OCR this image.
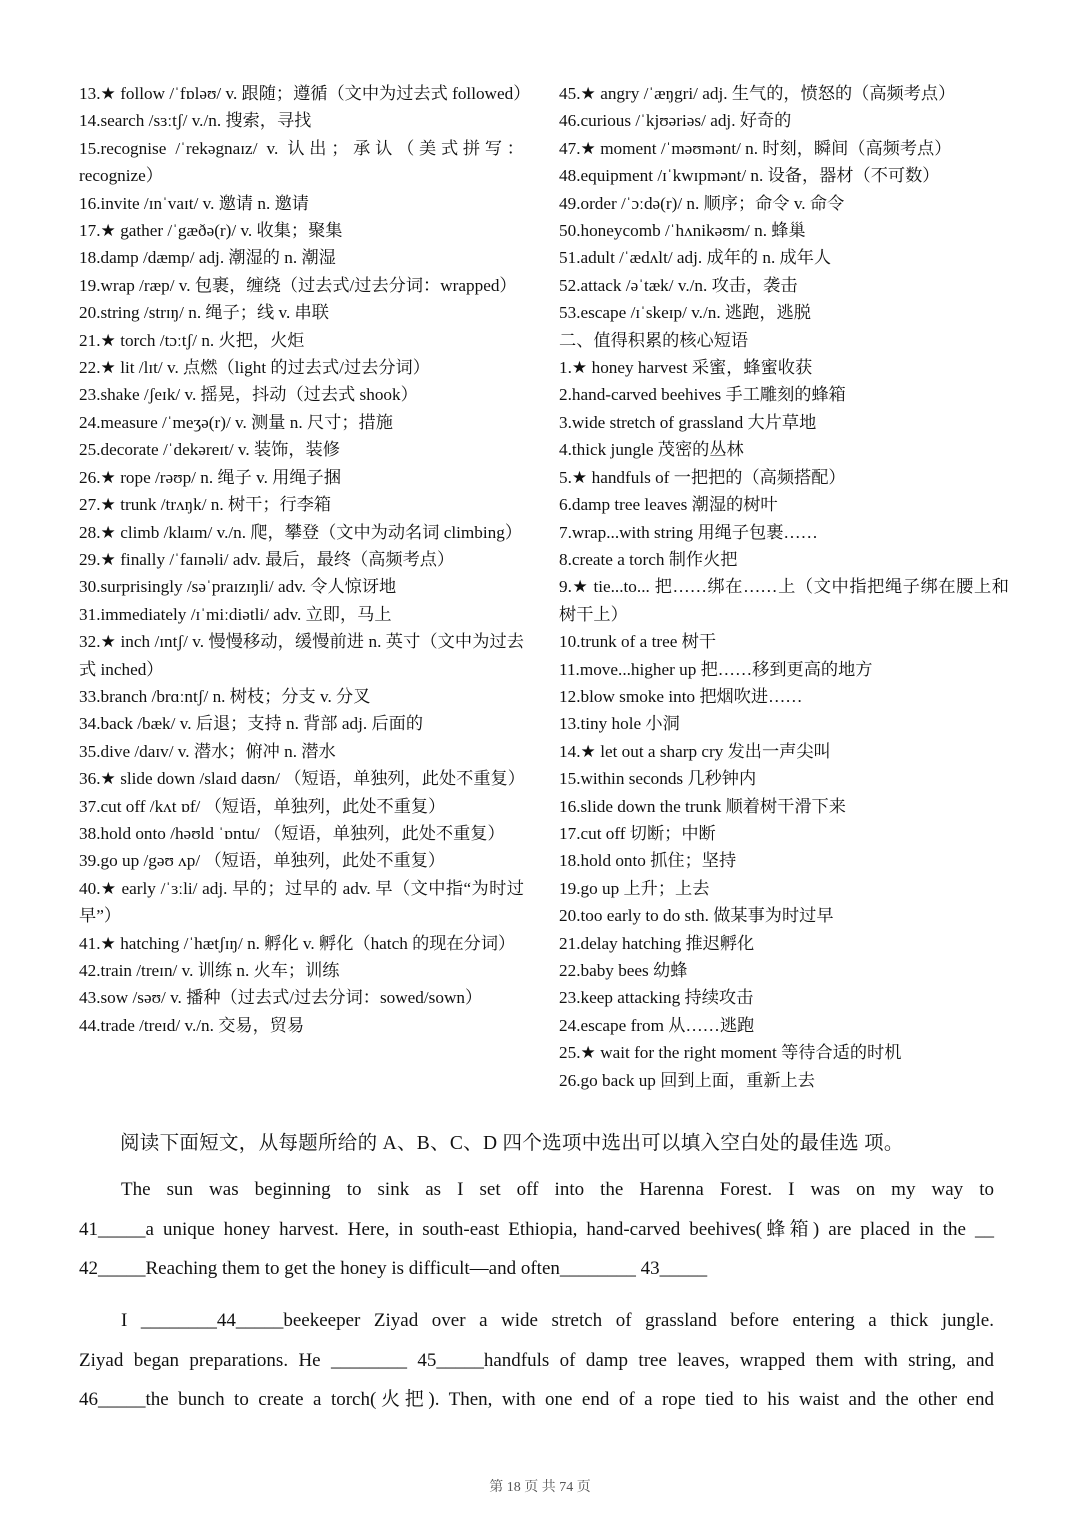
13.★ follow /ˈfɒləʊ/ v. 跟随；遵循（文中为过去式 followed）
14.search /sɜːtʃ/ v./n. 搜索，寻找
15.recognise /ˈrekəgnaɪz/ v. 认出；承认（美式拼写：recognize）
16.invite /ɪnˈvaɪt/ v. 邀请 n. 邀请
17.★ gather /ˈgæðə(r)/ v. 收集；聚集
18.damp /dæmp/ adj. 潮湿的 n. 潮湿
19.wrap /ræp/ v. 包裹，缠绕（过去式/过去分词：wrapped）
20.string /strɪŋ/ n. 绳子；线 v. 串联
21.★ torch /tɔːtʃ/ n. 火把，火炬
22.★ lit /lɪt/ v. 点燃（light 的过去式/过去分词）
23.shake /ʃeɪk/ v. 摇晃，抖动（过去式 shook）
24.measure /ˈmeʒə(r)/ v. 测量 n. 尺寸；措施
25.decorate /ˈdekəreɪt/ v. 装饰，装修
26.★ rope /rəʊp/ n. 绳子 v. 用绳子捆
27.★ trunk /trʌŋk/ n. 树干；行李箱
28.★ climb /klaɪm/ v./n. 爬，攀登（文中为动名词 climbing）
29.★ finally /ˈfaɪnəli/ adv. 最后，最终（高频考点）
30.surprisingly /səˈpraɪzɪŋli/ adv. 令人惊讶地
31.immediately /ɪˈmiːdiətli/ adv. 立即，马上
32.★ inch /ɪntʃ/ v. 慢慢移动，缓慢前进 n. 英寸（文中为过去式 inched）
33.branch /brɑːntʃ/ n. 树枝；分支 v. 分叉
34.back /bæk/ v. 后退；支持 n. 背部 adj. 后面的
35.dive /daɪv/ v. 潜水；俯冲 n. 潜水
36.★ slide down /slaɪd daʊn/ （短语，单独列，此处不重复）
37.cut off /kʌt ɒf/ （短语，单独列，此处不重复）
38.hold onto /həʊld ˈɒntu/ （短语，单独列，此处不重复）
39.go up /gəʊ ʌp/ （短语，单独列，此处不重复）
40.★ early /ˈɜːli/ adj. 早的；过早的 adv. 早（文中指“为时过早”）
41.★ hatching /ˈhætʃɪŋ/ n. 孵化 v. 孵化（hatch 的现在分词）
42.train /treɪn/ v. 训练 n. 火车；训练
43.sow /səʊ/ v. 播种（过去式/过去分词：sowed/sown）
44.trade /treɪd/ v./n. 交易，贸易
45.★ angry /ˈæŋgri/ adj. 生气的，愤怒的（高频考点）
46.curious /ˈkjʊəriəs/ adj. 好奇的
47.★ moment /ˈməʊmənt/ n. 时刻，瞬间（高频考点）
48.equipment /ɪˈkwɪpmənt/ n. 设备，器材（不可数）
49.order /ˈɔːdə(r)/ n. 顺序；命令 v. 命令
50.honeycomb /ˈhʌnikəʊm/ n. 蜂巢
51.adult /ˈædʌlt/ adj. 成年的 n. 成年人
52.attack /əˈtæk/ v./n. 攻击，袭击
53.escape /ɪˈskeɪp/ v./n. 逃跑，逃脱
二、值得积累的核心短语
1.★ honey harvest 采蜜，蜂蜜收获
2.hand-carved beehives 手工雕刻的蜂箱
3.wide stretch of grassland 大片草地
4.thick jungle 茂密的丛林
5.★ handfuls of 一把把的（高频搭配）
6.damp tree leaves 潮湿的树叶
7.wrap...with string 用绳子包裹……
8.create a torch 制作火把
9.★ tie...to... 把……绑在……上（文中指把绳子绑在腰上和树干上）
10.trunk of a tree 树干
11.move...higher up 把……移到更高的地方
12.blow smoke into 把烟吹进……
13.tiny hole 小洞
14.★ let out a sharp cry 发出一声尖叫
15.within seconds 几秒钟内
16.slide down the trunk 顺着树干滑下来
17.cut off 切断；中断
18.hold onto 抓住；坚持
19.go up 上升；上去
20.too early to do sth. 做某事为时过早
21.delay hatching 推迟孵化
22.baby bees 幼蜂
23.keep attacking 持续攻击
24.escape from 从……逃跑
25.★ wait for the right moment 等待合适的时机
26.go back up 回到上面，重新上去
阅读下面短文，从每题所给的 A、B、C、D 四个选项中选出可以填入空白处的最佳选 项。
The sun was beginning to sink as I set off into the Harenna Forest. I was on my way to
41_____a unique honey harvest. Here, in south-east Ethiopia, hand-carved beehives(蜂箱) are placed in the __
42_____Reaching them to get the honey is difficult—and often________ 43_____
I ________44_____beekeeper Ziyad over a wide stretch of grassland before entering a thick jungle.
Ziyad began preparations. He ________ 45_____handfuls of damp tree leaves, wrapped them with string, and
46_____the bunch to create a torch(火把). Then, with one end of a rope tied to his waist and the other end
第 18 页 共 74 页
